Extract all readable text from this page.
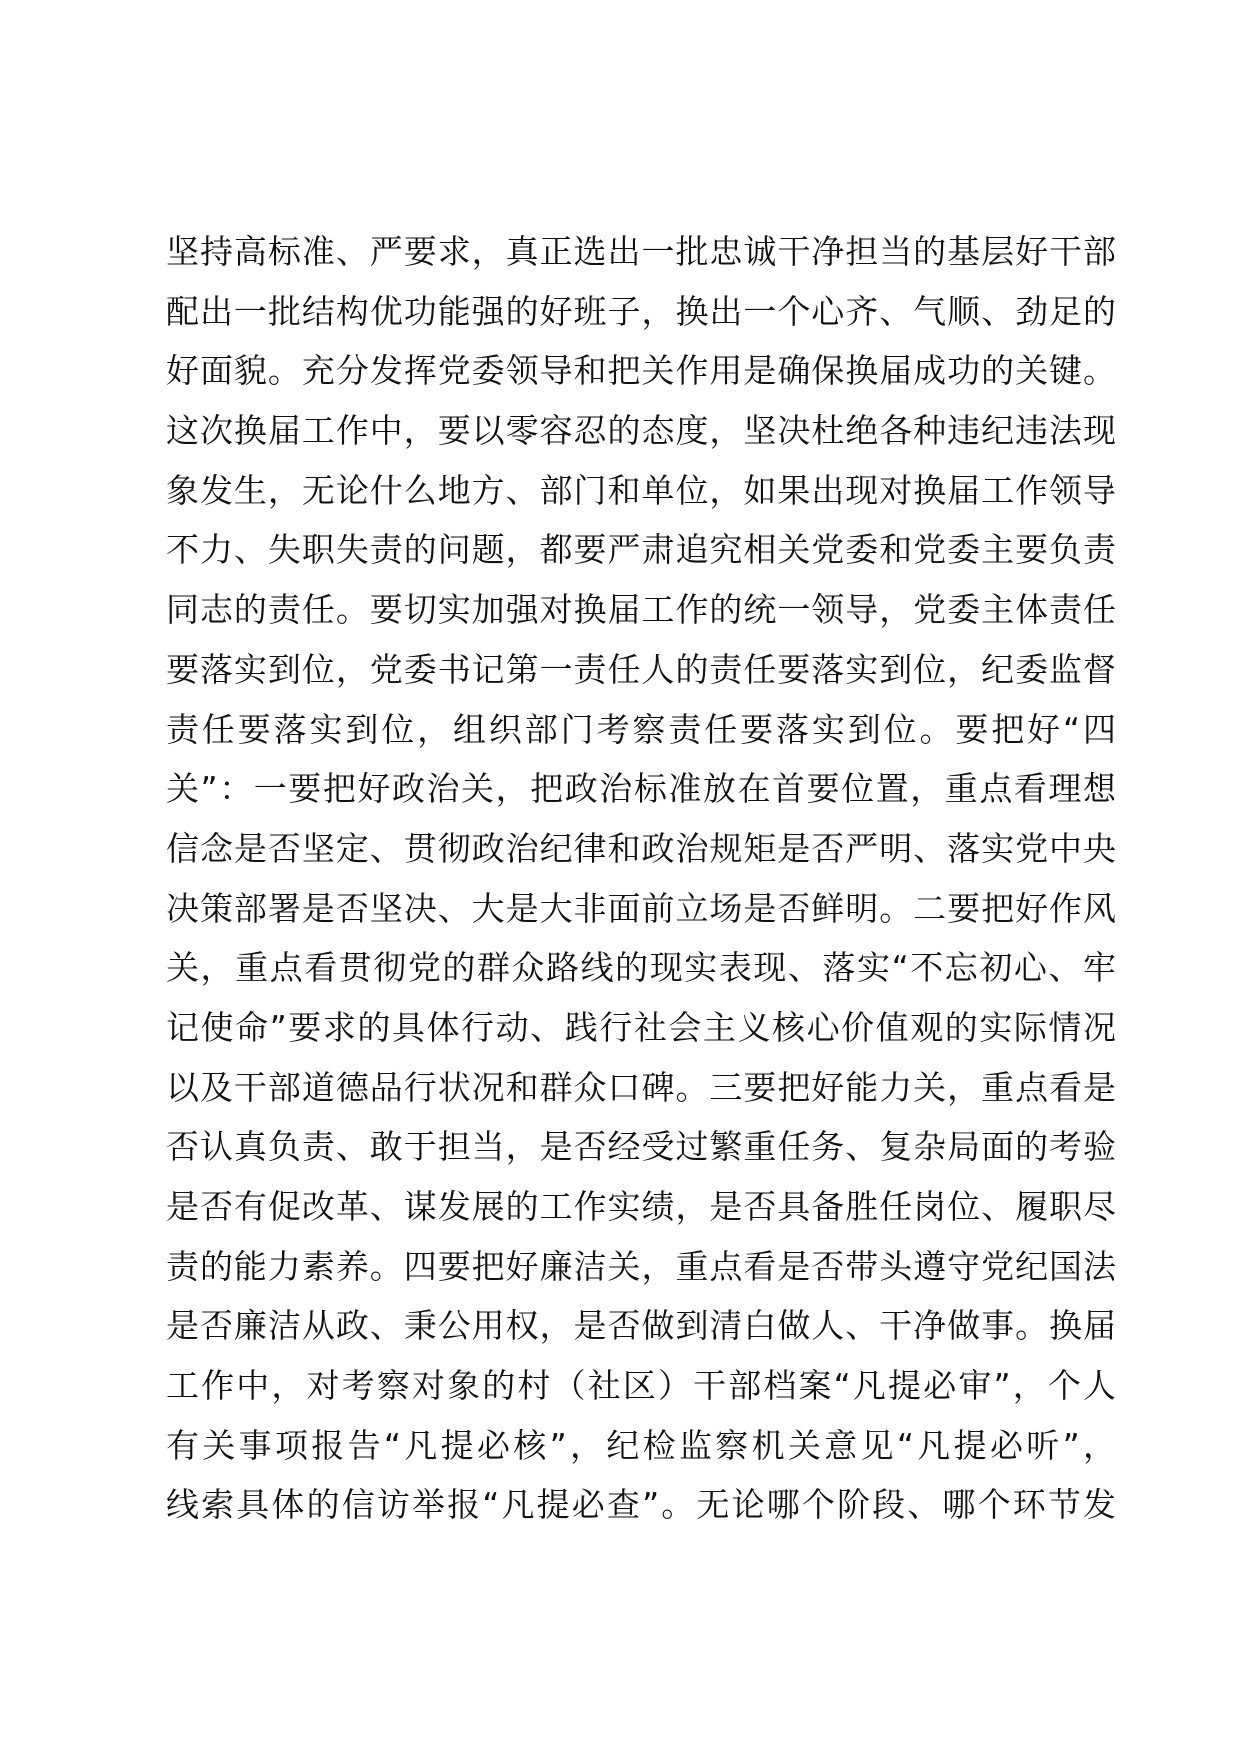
坚持高标准、严要求，真正选出一批忠诚干净担当的基层好干部
配出一批结构优功能强的好班子，换出一个心齐、气顺、劲足的
好面貌。充分发挥党委领导和把关作用是确保换届成功的关键。
这次换届工作中，要以零容忍的态度，坚决杜绝各种违纪违法现
象发生，无论什么地方、部门和单位，如果出现对换届工作领导
不力、失职失责的问题，都要严肃追究相关党委和党委主要负责
同志的责任。要切实加强对换届工作的统一领导，党委主体责任
要落实到位，党委书记第一责任人的责任要落实到位，纪委监督
责任要落实到位，组织部门考察责任要落实到位。要把好“四
关”：一要把好政治关，把政治标准放在首要位置，重点看理想
信念是否坚定、贯彻政治纪律和政治规矩是否严明、落实党中央
决策部署是否坚决、大是大非面前立场是否鲜明。二要把好作风
关，重点看贯彻党的群众路线的现实表现、落实“不忘初心、牢
记使命”要求的具体行动、践行社会主义核心价值观的实际情况
以及干部道德品行状况和群众口碑。三要把好能力关，重点看是
否认真负责、敢于担当，是否经受过繁重任务、复杂局面的考验
是否有促改革、谋发展的工作实绩，是否具备胜任岗位、履职尽
责的能力素养。四要把好廉洁关，重点看是否带头遵守党纪国法
是否廉洁从政、秉公用权，是否做到清白做人、干净做事。换届
工作中，对考察对象的村（社区）干部档案“凡提必审”，个人
有关事项报告“凡提必核”，纪检监察机关意见“凡提必听”，
线索具体的信访举报“凡提必查”。无论哪个阶段、哪个环节发
